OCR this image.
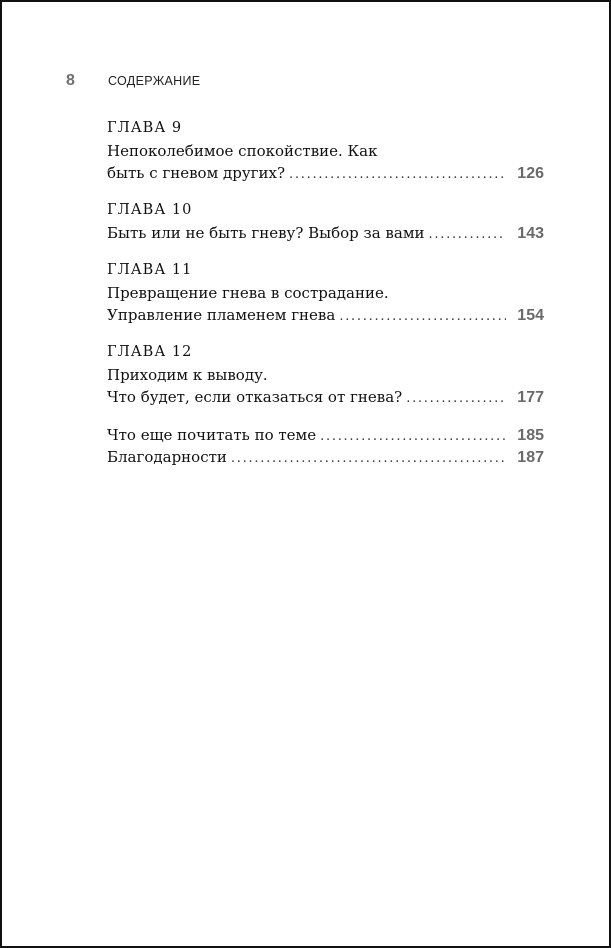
8	СОДЕРЖАНИЕ
ГЛАВА 9
Непоколебимое спокойствие. Как
быть с гневом других? . . .	126
ГЛАВА 10
Быть или не быть гневу? Выбор за вами . . .	143
ГЛАВА 11
Превращение гнева в сострадание.
Управление пламенем гнева . . .	154
ГЛАВА 12
Приходим к выводу.
Что будет, если отказаться от гнева? . . .	177
Что еще почитать по теме . . .	185
Благодарности . . .	187
